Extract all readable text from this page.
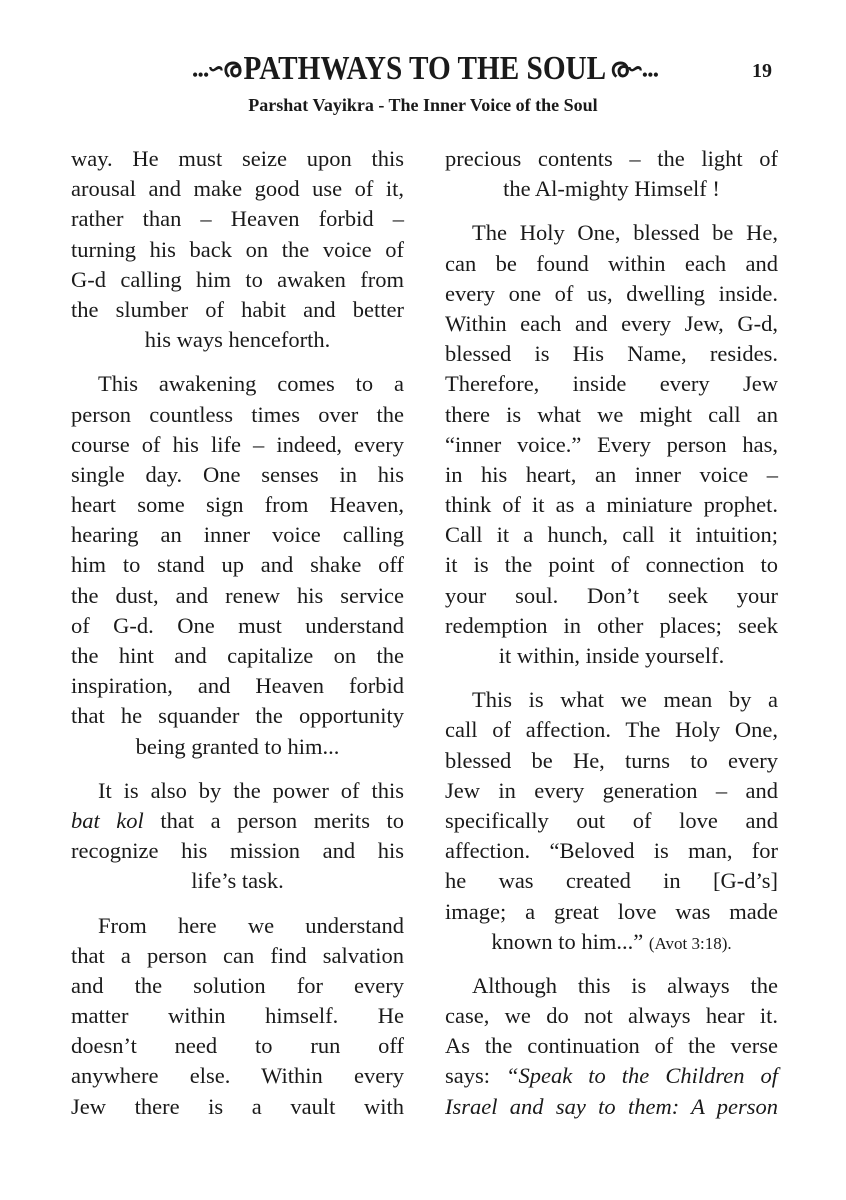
...∽ര PATHWAYS TO THE SOUL ര∽...	19
Parshat Vayikra - The Inner Voice of the Soul
way. He must seize upon this
arousal and make good use of it,
rather than – Heaven forbid –
turning his back on the voice of
G-d calling him to awaken from
the slumber of habit and better
his ways henceforth.
This awakening comes to a
person countless times over the
course of his life – indeed, every
single day. One senses in his
heart some sign from Heaven,
hearing an inner voice calling
him to stand up and shake off
the dust, and renew his service
of G-d. One must understand
the hint and capitalize on the
inspiration, and Heaven forbid
that he squander the opportunity
being granted to him...
It is also by the power of this
bat kol that a person merits to
recognize his mission and his
life’s task.
From here we understand
that a person can find salvation
and the solution for every
matter within himself. He
doesn’t need to run off
anywhere else. Within every
Jew there is a vault with
precious contents – the light of
the Al-mighty Himself !
The Holy One, blessed be He,
can be found within each and
every one of us, dwelling inside.
Within each and every Jew, G-d,
blessed is His Name, resides.
Therefore, inside every Jew
there is what we might call an
“inner voice.” Every person has,
in his heart, an inner voice –
think of it as a miniature prophet.
Call it a hunch, call it intuition;
it is the point of connection to
your soul. Don’t seek your
redemption in other places; seek
it within, inside yourself.
This is what we mean by a
call of affection. The Holy One,
blessed be He, turns to every
Jew in every generation – and
specifically out of love and
affection. “Beloved is man, for
he was created in [G-d’s]
image; a great love was made
known to him...” (Avot 3:18).
Although this is always the
case, we do not always hear it.
As the continuation of the verse
says: “Speak to the Children of
Israel and say to them: A person
